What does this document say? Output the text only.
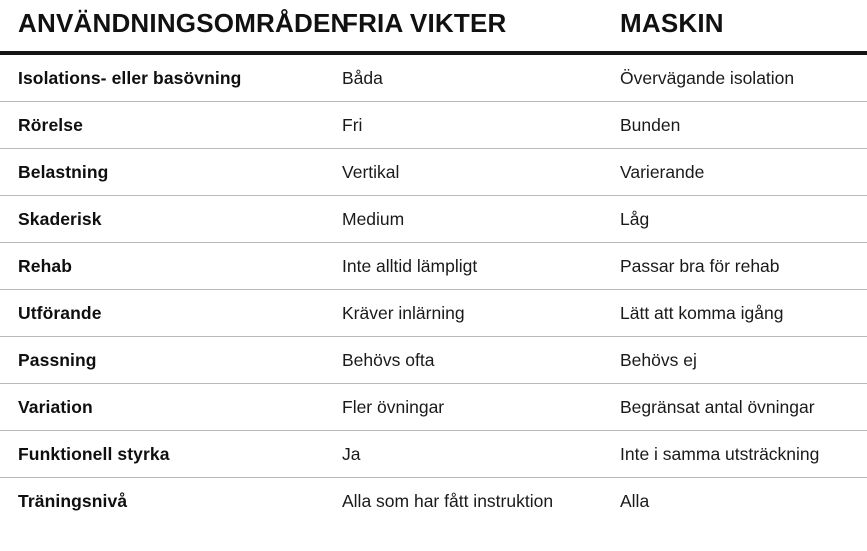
ANVÄNDNINGSOMRÅDEN	FRIA VIKTER	MASKIN
Isolations- eller basövning	Båda	Övervägande isolation
Rörelse	Fri	Bunden
Belastning	Vertikal	Varierande
Skaderisk	Medium	Låg
Rehab	Inte alltid lämpligt	Passar bra för rehab
Utförande	Kräver inlärning	Lätt att komma igång
Passning	Behövs ofta	Behövs ej
Variation	Fler övningar	Begränsat antal övningar
Funktionell styrka	Ja	Inte i samma utsträckning
Träningsnivå	Alla som har fått instruktion	Alla
